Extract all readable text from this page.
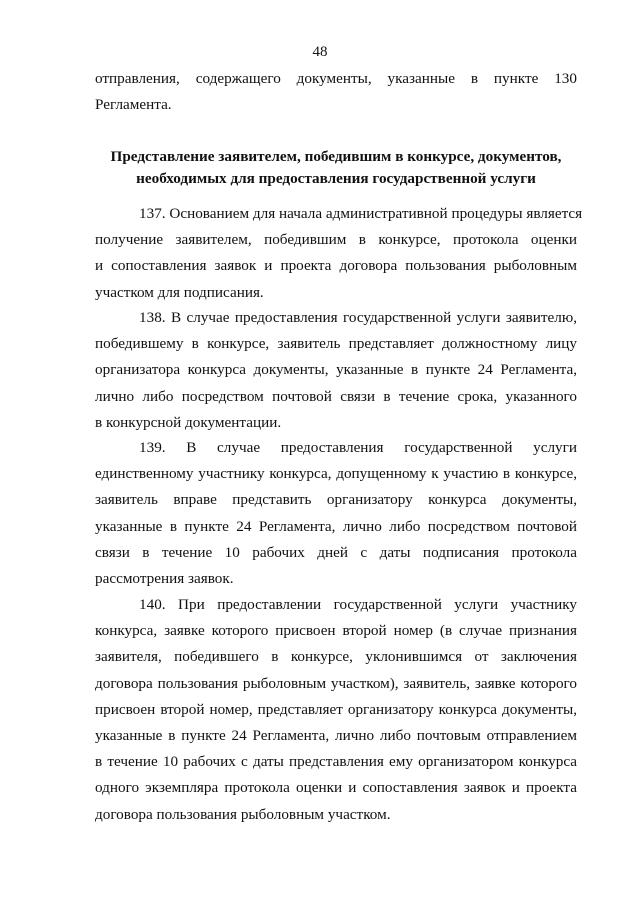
48
отправления, содержащего документы, указанные в пункте 130
Регламента.
Представление заявителем, победившим в конкурсе, документов,
необходимых для предоставления государственной услуги
137. Основанием для начала административной процедуры является
получение заявителем, победившим в конкурсе, протокола оценки
и сопоставления заявок и проекта договора пользования рыболовным
участком для подписания.
138. В случае предоставления государственной услуги заявителю,
победившему в конкурсе, заявитель представляет должностному лицу
организатора конкурса документы, указанные в пункте 24 Регламента,
лично либо посредством почтовой связи в течение срока, указанного
в конкурсной документации.
139. В случае предоставления государственной услуги
единственному участнику конкурса, допущенному к участию в конкурсе,
заявитель вправе представить организатору конкурса документы,
указанные в пункте 24 Регламента, лично либо посредством почтовой
связи в течение 10 рабочих дней с даты подписания протокола
рассмотрения заявок.
140. При предоставлении государственной услуги участнику
конкурса, заявке которого присвоен второй номер (в случае признания
заявителя, победившего в конкурсе, уклонившимся от заключения
договора пользования рыболовным участком), заявитель, заявке которого
присвоен второй номер, представляет организатору конкурса документы,
указанные в пункте 24 Регламента, лично либо почтовым отправлением
в течение 10 рабочих с даты представления ему организатором конкурса
одного экземпляра протокола оценки и сопоставления заявок и проекта
договора пользования рыболовным участком.
